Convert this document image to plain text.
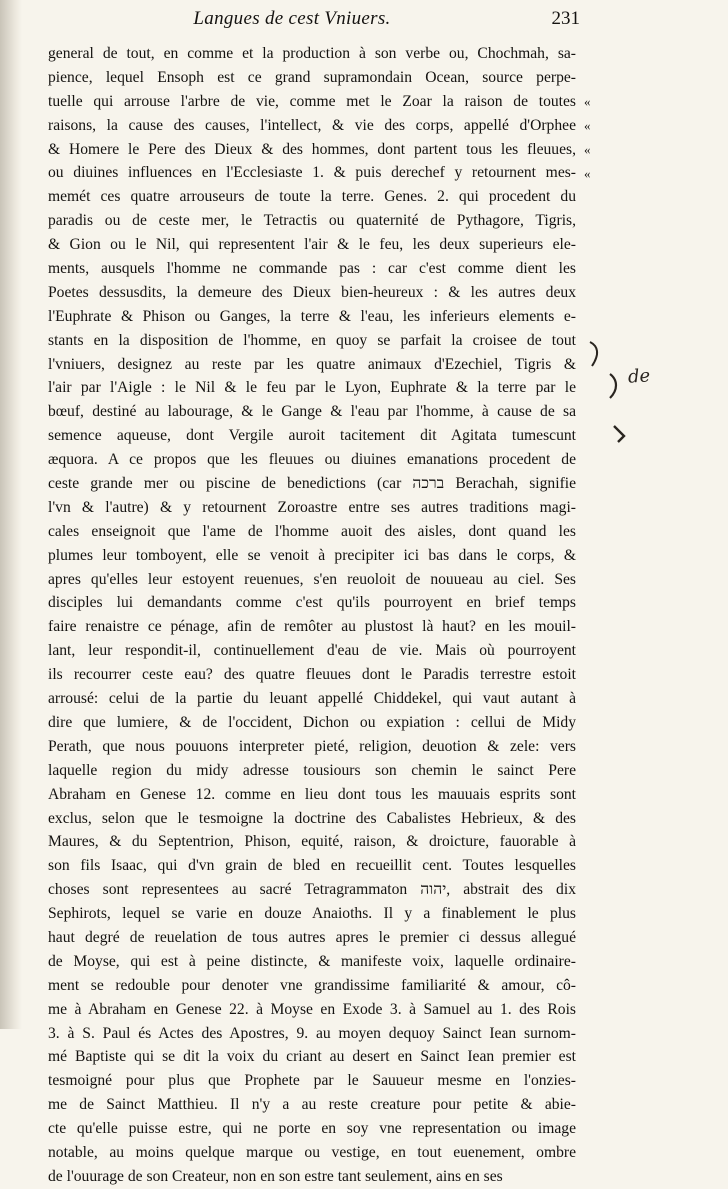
Langues de cest Vniuers.	231
general de tout, en comme et la production à son verbe ou, Chochmah, sa-
pience, lequel Ensoph est ce grand supramondain Ocean, source perpe-
tuelle qui arrouse l'arbre de vie, comme met le Zoar la raison de toutes
raisons, la cause des causes, l'intellect, & vie des corps, appellé d'Orphee
& Homere le Pere des Dieux & des hommes, dont partent tous les fleuues,
ou diuines influences en l'Ecclesiaste 1. & puis derechef y retournent mes-
memét ces quatre arrouseurs de toute la terre. Genes. 2. qui procedent du
paradis ou de ceste mer, le Tetractis ou quaternité de Pythagore, Tigris,
& Gion ou le Nil, qui representent l'air & le feu, les deux superieurs ele-
ments, ausquels l'homme ne commande pas : car c'est comme dient les
Poetes dessusdits, la demeure des Dieux bien-heureux : & les autres deux
l'Euphrate & Phison ou Ganges, la terre & l'eau, les inferieurs elements e-
stants en la disposition de l'homme, en quoy se parfait la croisee de tout
l'vniuers, designez au reste par les quatre animaux d'Ezechiel, Tigris &
l'air par l'Aigle : le Nil & le feu par le Lyon, Euphrate & la terre par le
bœuf, destiné au labourage, & le Gange & l'eau par l'homme, à cause de sa
semence aqueuse, dont Vergile auroit tacitement dit Agitata tumescunt
æquora. A ce propos que les fleuues ou diuines emanations procedent de
ceste grande mer ou piscine de benedictions (car ברכה Berachah, signifie
l'vn & l'autre) & y retournent Zoroastre entre ses autres traditions magi-
cales enseignoit que l'ame de l'homme auoit des aisles, dont quand les
plumes leur tomboyent, elle se venoit à precipiter ici bas dans le corps, &
apres qu'elles leur estoyent reuenues, s'en reuoloit de nouueau au ciel. Ses
disciples lui demandants comme c'est qu'ils pourroyent en brief temps
faire renaistre ce pénage, afin de remôter au plustost là haut? en les mouil-
lant, leur respondit-il, continuellement d'eau de vie. Mais où pourroyent
ils recourrer ceste eau? des quatre fleuues dont le Paradis terrestre estoit
arrousé: celui de la partie du leuant appellé Chiddekel, qui vaut autant à
dire que lumiere, & de l'occident, Dichon ou expiation : cellui de Midy
Perath, que nous pouuons interpreter pieté, religion, deuotion & zele: vers
laquelle region du midy adresse tousiours son chemin le sainct Pere
Abraham en Genese 12. comme en lieu dont tous les mauuais esprits sont
exclus, selon que le tesmoigne la doctrine des Cabalistes Hebrieux, & des
Maures, & du Septentrion, Phison, equité, raison, & droicture, fauorable à
son fils Isaac, qui d'vn grain de bled en recueillit cent. Toutes lesquelles
choses sont representees au sacré Tetragrammaton יהוה, abstrait des dix
Sephirots, lequel se varie en douze Anaioths. Il y a finablement le plus
haut degré de reuelation de tous autres apres le premier ci dessus allegué
de Moyse, qui est à peine distincte, & manifeste voix, laquelle ordinaire-
ment se redouble pour denoter vne grandissime familiarité & amour, cô-
me à Abraham en Genese 22. à Moyse en Exode 3. à Samuel au 1. des Rois
3. à S. Paul és Actes des Apostres, 9. au moyen dequoy Sainct Iean surnom-
mé Baptiste qui se dit la voix du criant au desert en Sainct Iean premier est
tesmoigné pour plus que Prophete par le Sauueur mesme en l'onzies-
me de Sainct Matthieu. Il n'y a au reste creature pour petite & abie-
cte qu'elle puisse estre, qui ne porte en soy vne representation ou image
notable, au moins quelque marque ou vestige, en tout euenement, ombre
de l'ouurage de son Createur, non en son estre tant seulement, ains en ses
«
«
«
«
de
